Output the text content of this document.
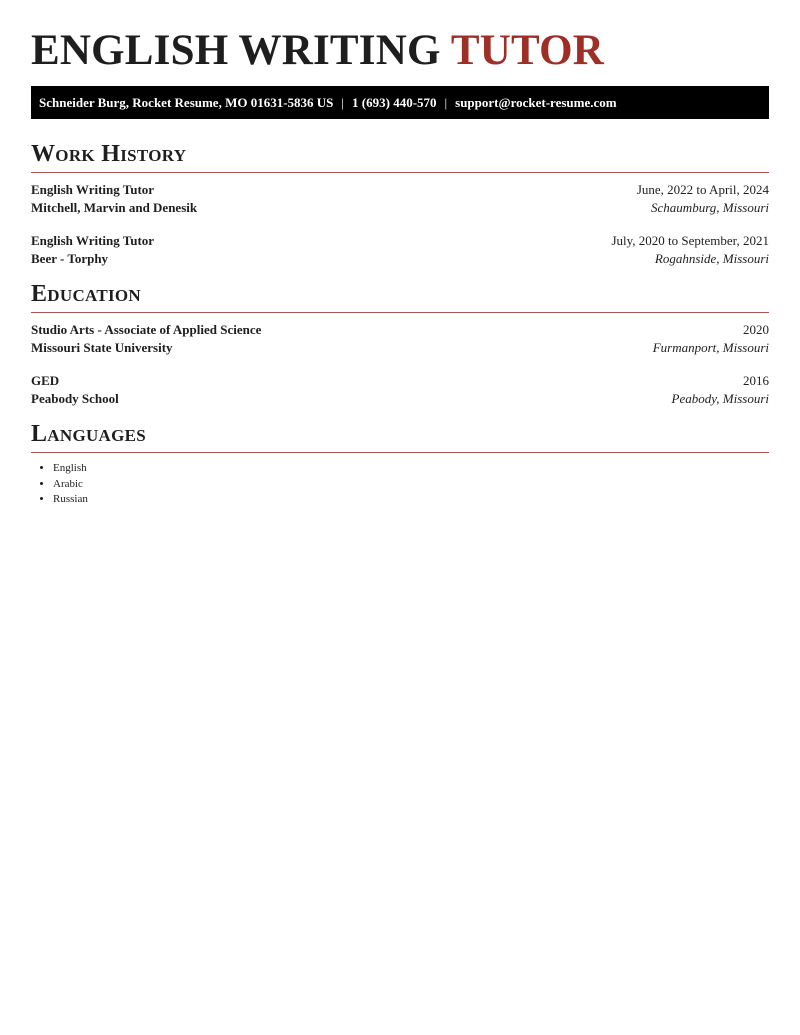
ENGLISH WRITING TUTOR
Schneider Burg, Rocket Resume, MO 01631-5836 US | 1 (693) 440-570 | support@rocket-resume.com
Work History
English Writing Tutor	June, 2022 to April, 2024
Mitchell, Marvin and Denesik	Schaumburg, Missouri
English Writing Tutor	July, 2020 to September, 2021
Beer - Torphy	Rogahnside, Missouri
Education
Studio Arts - Associate of Applied Science	2020
Missouri State University	Furmanport, Missouri
GED	2016
Peabody School	Peabody, Missouri
Languages
• English
• Arabic
• Russian
